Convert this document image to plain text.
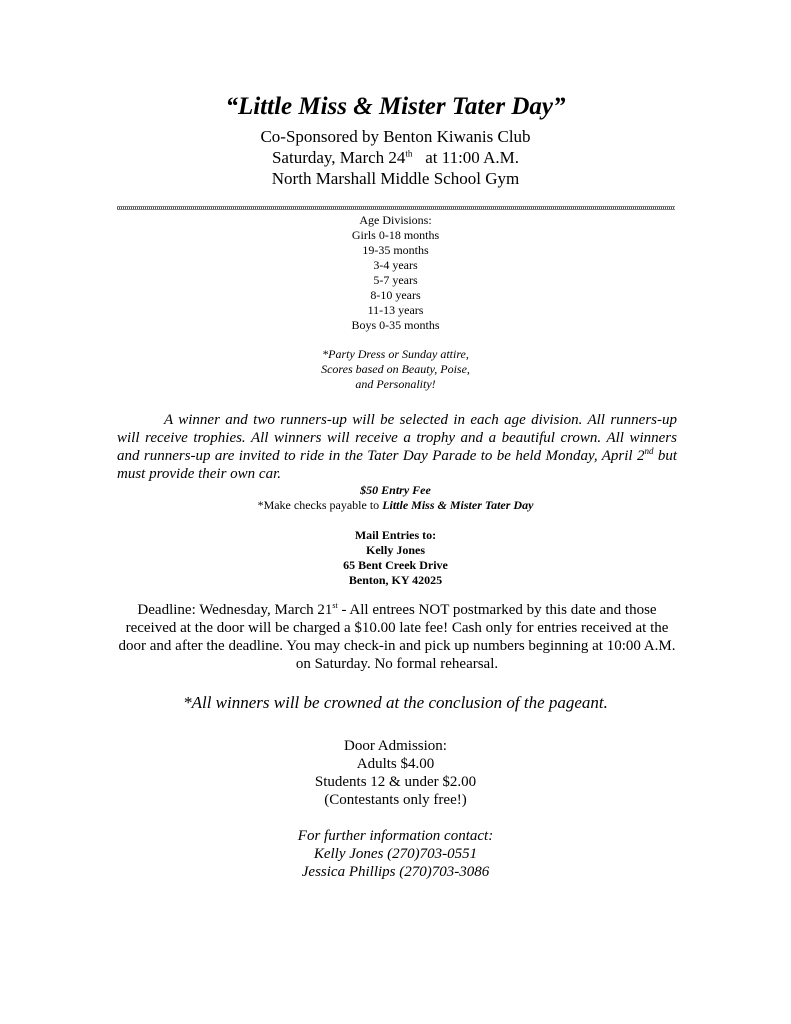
“Little Miss & Mister Tater Day”
Co-Sponsored by Benton Kiwanis Club
Saturday, March 24th at 11:00 A.M.
North Marshall Middle School Gym
Age Divisions:
Girls 0-18 months
19-35 months
3-4 years
5-7 years
8-10 years
11-13 years
Boys 0-35 months
*Party Dress or Sunday attire,
Scores based on Beauty, Poise,
and Personality!
A winner and two runners-up will be selected in each age division. All runners-up will receive trophies. All winners will receive a trophy and a beautiful crown. All winners and runners-up are invited to ride in the Tater Day Parade to be held Monday, April 2nd but must provide their own car.
$50 Entry Fee
*Make checks payable to Little Miss & Mister Tater Day
Mail Entries to:
Kelly Jones
65 Bent Creek Drive
Benton, KY 42025
Deadline: Wednesday, March 21st - All entrees NOT postmarked by this date and those received at the door will be charged a $10.00 late fee! Cash only for entries received at the door and after the deadline. You may check-in and pick up numbers beginning at 10:00 A.M. on Saturday. No formal rehearsal.
*All winners will be crowned at the conclusion of the pageant.
Door Admission:
Adults $4.00
Students 12 & under $2.00
(Contestants only free!)
For further information contact:
Kelly Jones (270)703-0551
Jessica Phillips (270)703-3086
